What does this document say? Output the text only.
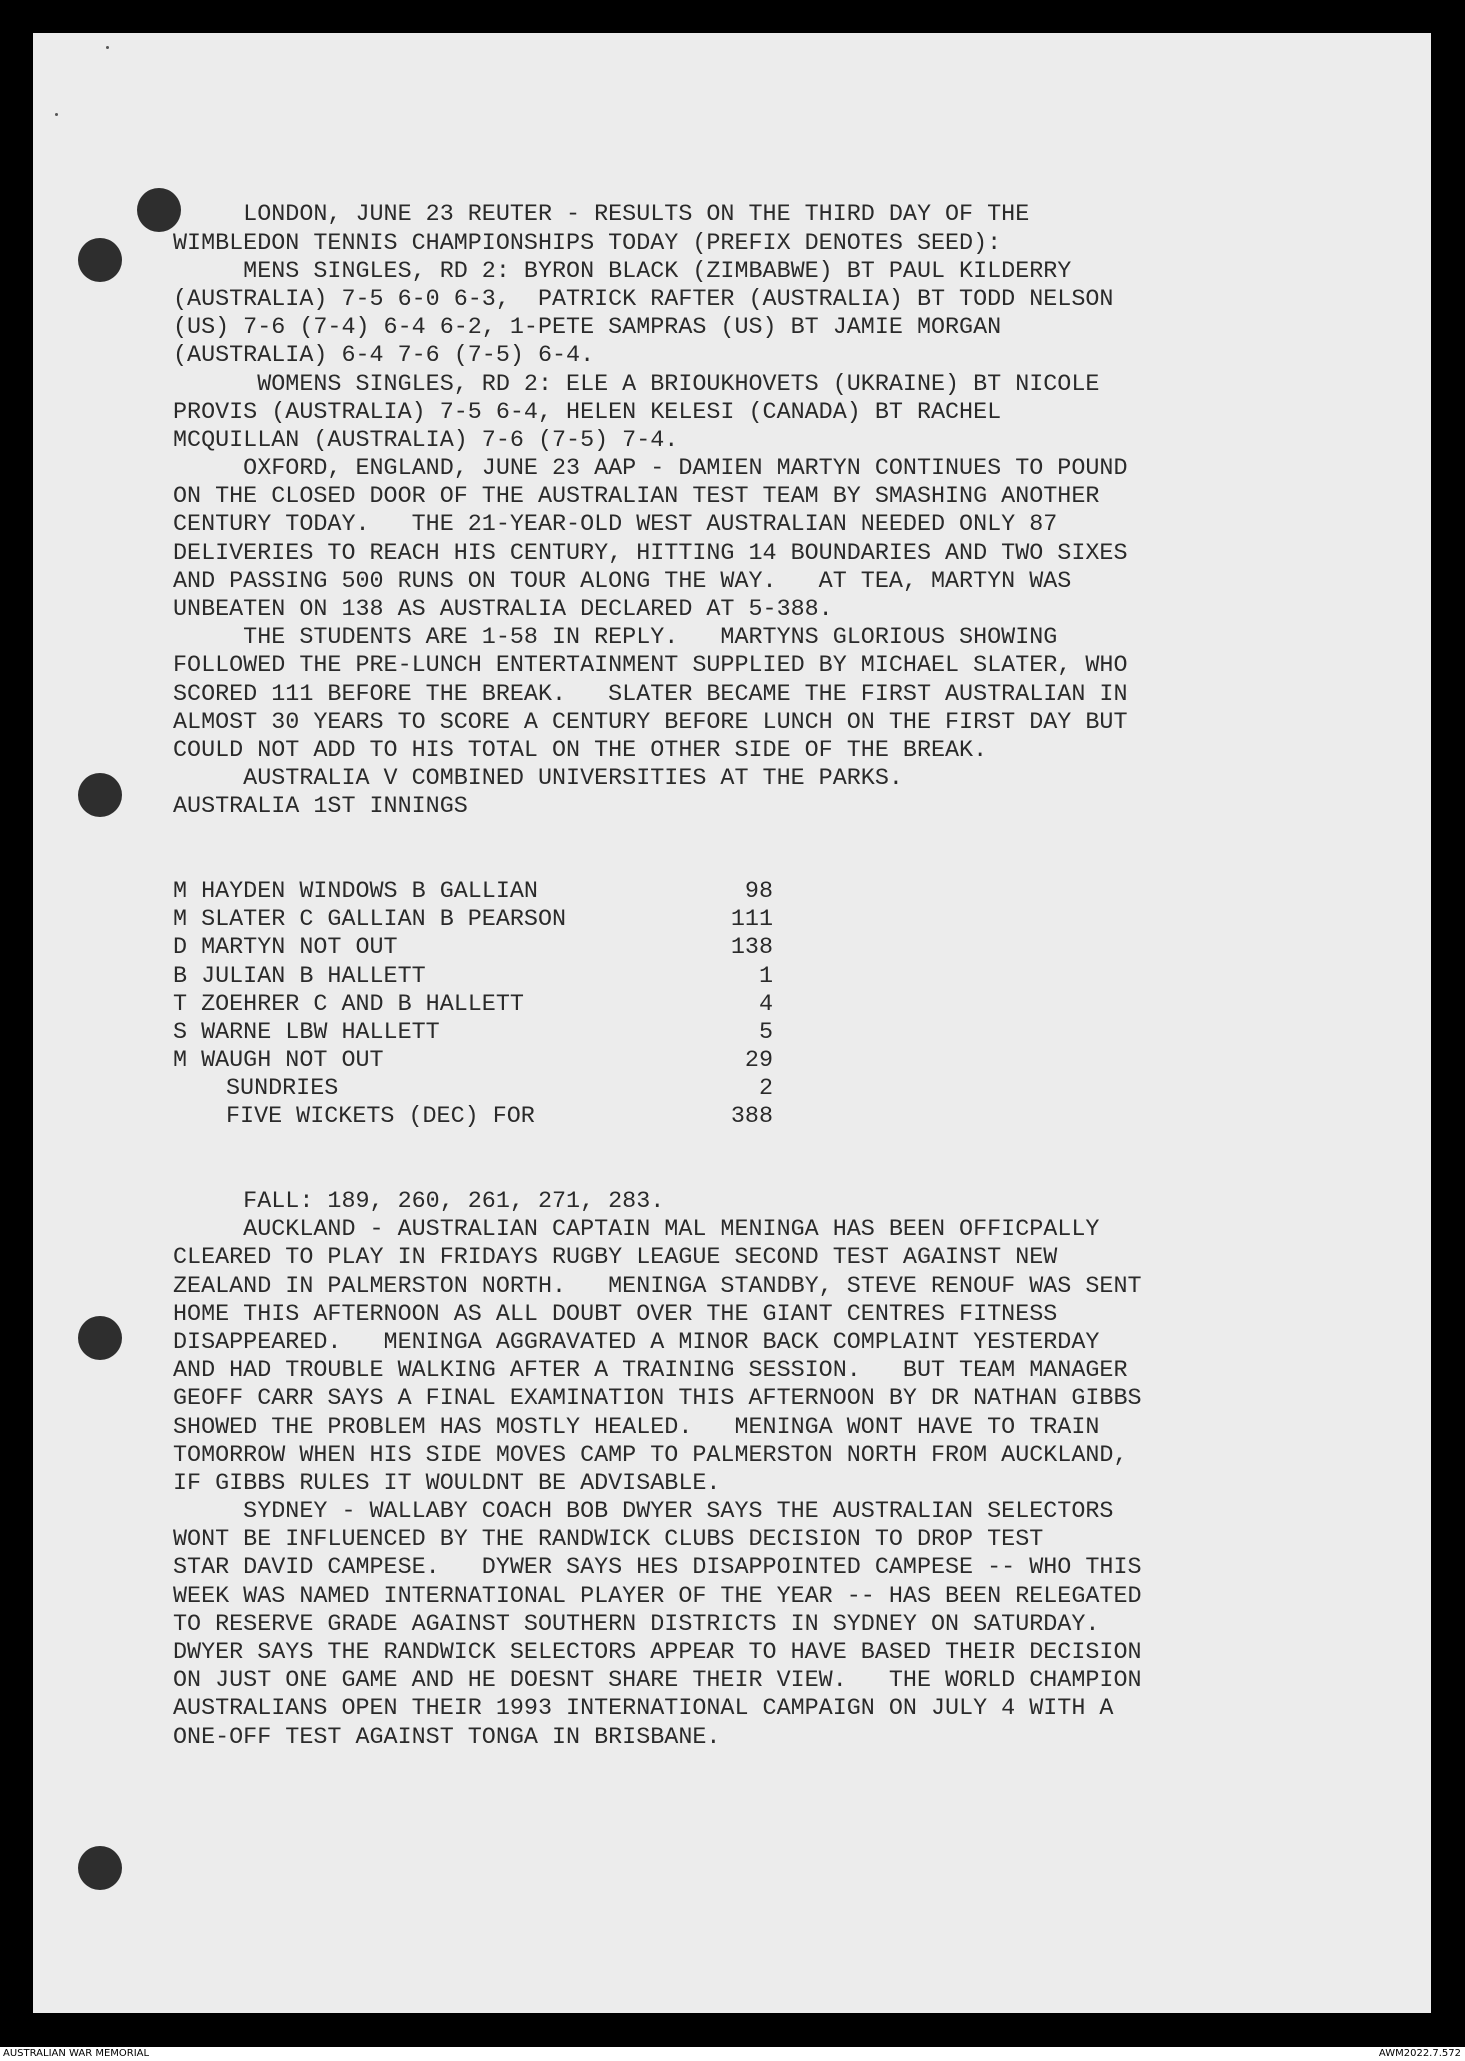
LONDON, JUNE 23 REUTER - RESULTS ON THE THIRD DAY OF THE
WIMBLEDON TENNIS CHAMPIONSHIPS TODAY (PREFIX DENOTES SEED):
MENS SINGLES, RD 2: BYRON BLACK (ZIMBABWE) BT PAUL KILDERRY
(AUSTRALIA) 7-5 6-0 6-3,  PATRICK RAFTER (AUSTRALIA) BT TODD NELSON
(US) 7-6 (7-4) 6-4 6-2, 1-PETE SAMPRAS (US) BT JAMIE MORGAN
(AUSTRALIA) 6-4 7-6 (7-5) 6-4.
WOMENS SINGLES, RD 2: ELE A BRIOUKHOVETS (UKRAINE) BT NICOLE
PROVIS (AUSTRALIA) 7-5 6-4, HELEN KELESI (CANADA) BT RACHEL
MCQUILLAN (AUSTRALIA) 7-6 (7-5) 7-4.
OXFORD, ENGLAND, JUNE 23 AAP - DAMIEN MARTYN CONTINUES TO POUND
ON THE CLOSED DOOR OF THE AUSTRALIAN TEST TEAM BY SMASHING ANOTHER
CENTURY TODAY.   THE 21-YEAR-OLD WEST AUSTRALIAN NEEDED ONLY 87
DELIVERIES TO REACH HIS CENTURY, HITTING 14 BOUNDARIES AND TWO SIXES
AND PASSING 500 RUNS ON TOUR ALONG THE WAY.   AT TEA, MARTYN WAS
UNBEATEN ON 138 AS AUSTRALIA DECLARED AT 5-388.
THE STUDENTS ARE 1-58 IN REPLY.   MARTYNS GLORIOUS SHOWING
FOLLOWED THE PRE-LUNCH ENTERTAINMENT SUPPLIED BY MICHAEL SLATER, WHO
SCORED 111 BEFORE THE BREAK.   SLATER BECAME THE FIRST AUSTRALIAN IN
ALMOST 30 YEARS TO SCORE A CENTURY BEFORE LUNCH ON THE FIRST DAY BUT
COULD NOT ADD TO HIS TOTAL ON THE OTHER SIDE OF THE BREAK.
AUSTRALIA V COMBINED UNIVERSITIES AT THE PARKS.
AUSTRALIA 1ST INNINGS

M HAYDEN WINDOWS B GALLIAN	98
M SLATER C GALLIAN B PEARSON	111
D MARTYN NOT OUT	138
B JULIAN B HALLETT	1
T ZOEHRER C AND B HALLETT	4
S WARNE LBW HALLETT	5
M WAUGH NOT OUT	29
SUNDRIES	2
FIVE WICKETS (DEC) FOR	388

FALL: 189, 260, 261, 271, 283.
AUCKLAND - AUSTRALIAN CAPTAIN MAL MENINGA HAS BEEN OFFICPALLY
CLEARED TO PLAY IN FRIDAYS RUGBY LEAGUE SECOND TEST AGAINST NEW
ZEALAND IN PALMERSTON NORTH.   MENINGA STANDBY, STEVE RENOUF WAS SENT
HOME THIS AFTERNOON AS ALL DOUBT OVER THE GIANT CENTRES FITNESS
DISAPPEARED.   MENINGA AGGRAVATED A MINOR BACK COMPLAINT YESTERDAY
AND HAD TROUBLE WALKING AFTER A TRAINING SESSION.   BUT TEAM MANAGER
GEOFF CARR SAYS A FINAL EXAMINATION THIS AFTERNOON BY DR NATHAN GIBBS
SHOWED THE PROBLEM HAS MOSTLY HEALED.   MENINGA WONT HAVE TO TRAIN
TOMORROW WHEN HIS SIDE MOVES CAMP TO PALMERSTON NORTH FROM AUCKLAND,
IF GIBBS RULES IT WOULDNT BE ADVISABLE.
SYDNEY - WALLABY COACH BOB DWYER SAYS THE AUSTRALIAN SELECTORS
WONT BE INFLUENCED BY THE RANDWICK CLUBS DECISION TO DROP TEST
STAR DAVID CAMPESE.   DYWER SAYS HES DISAPPOINTED CAMPESE -- WHO THIS
WEEK WAS NAMED INTERNATIONAL PLAYER OF THE YEAR -- HAS BEEN RELEGATED
TO RESERVE GRADE AGAINST SOUTHERN DISTRICTS IN SYDNEY ON SATURDAY.
DWYER SAYS THE RANDWICK SELECTORS APPEAR TO HAVE BASED THEIR DECISION
ON JUST ONE GAME AND HE DOESNT SHARE THEIR VIEW.   THE WORLD CHAMPION
AUSTRALIANS OPEN THEIR 1993 INTERNATIONAL CAMPAIGN ON JULY 4 WITH A
ONE-OFF TEST AGAINST TONGA IN BRISBANE.

AUSTRALIAN WAR MEMORIAL	AWM2022.7.572
